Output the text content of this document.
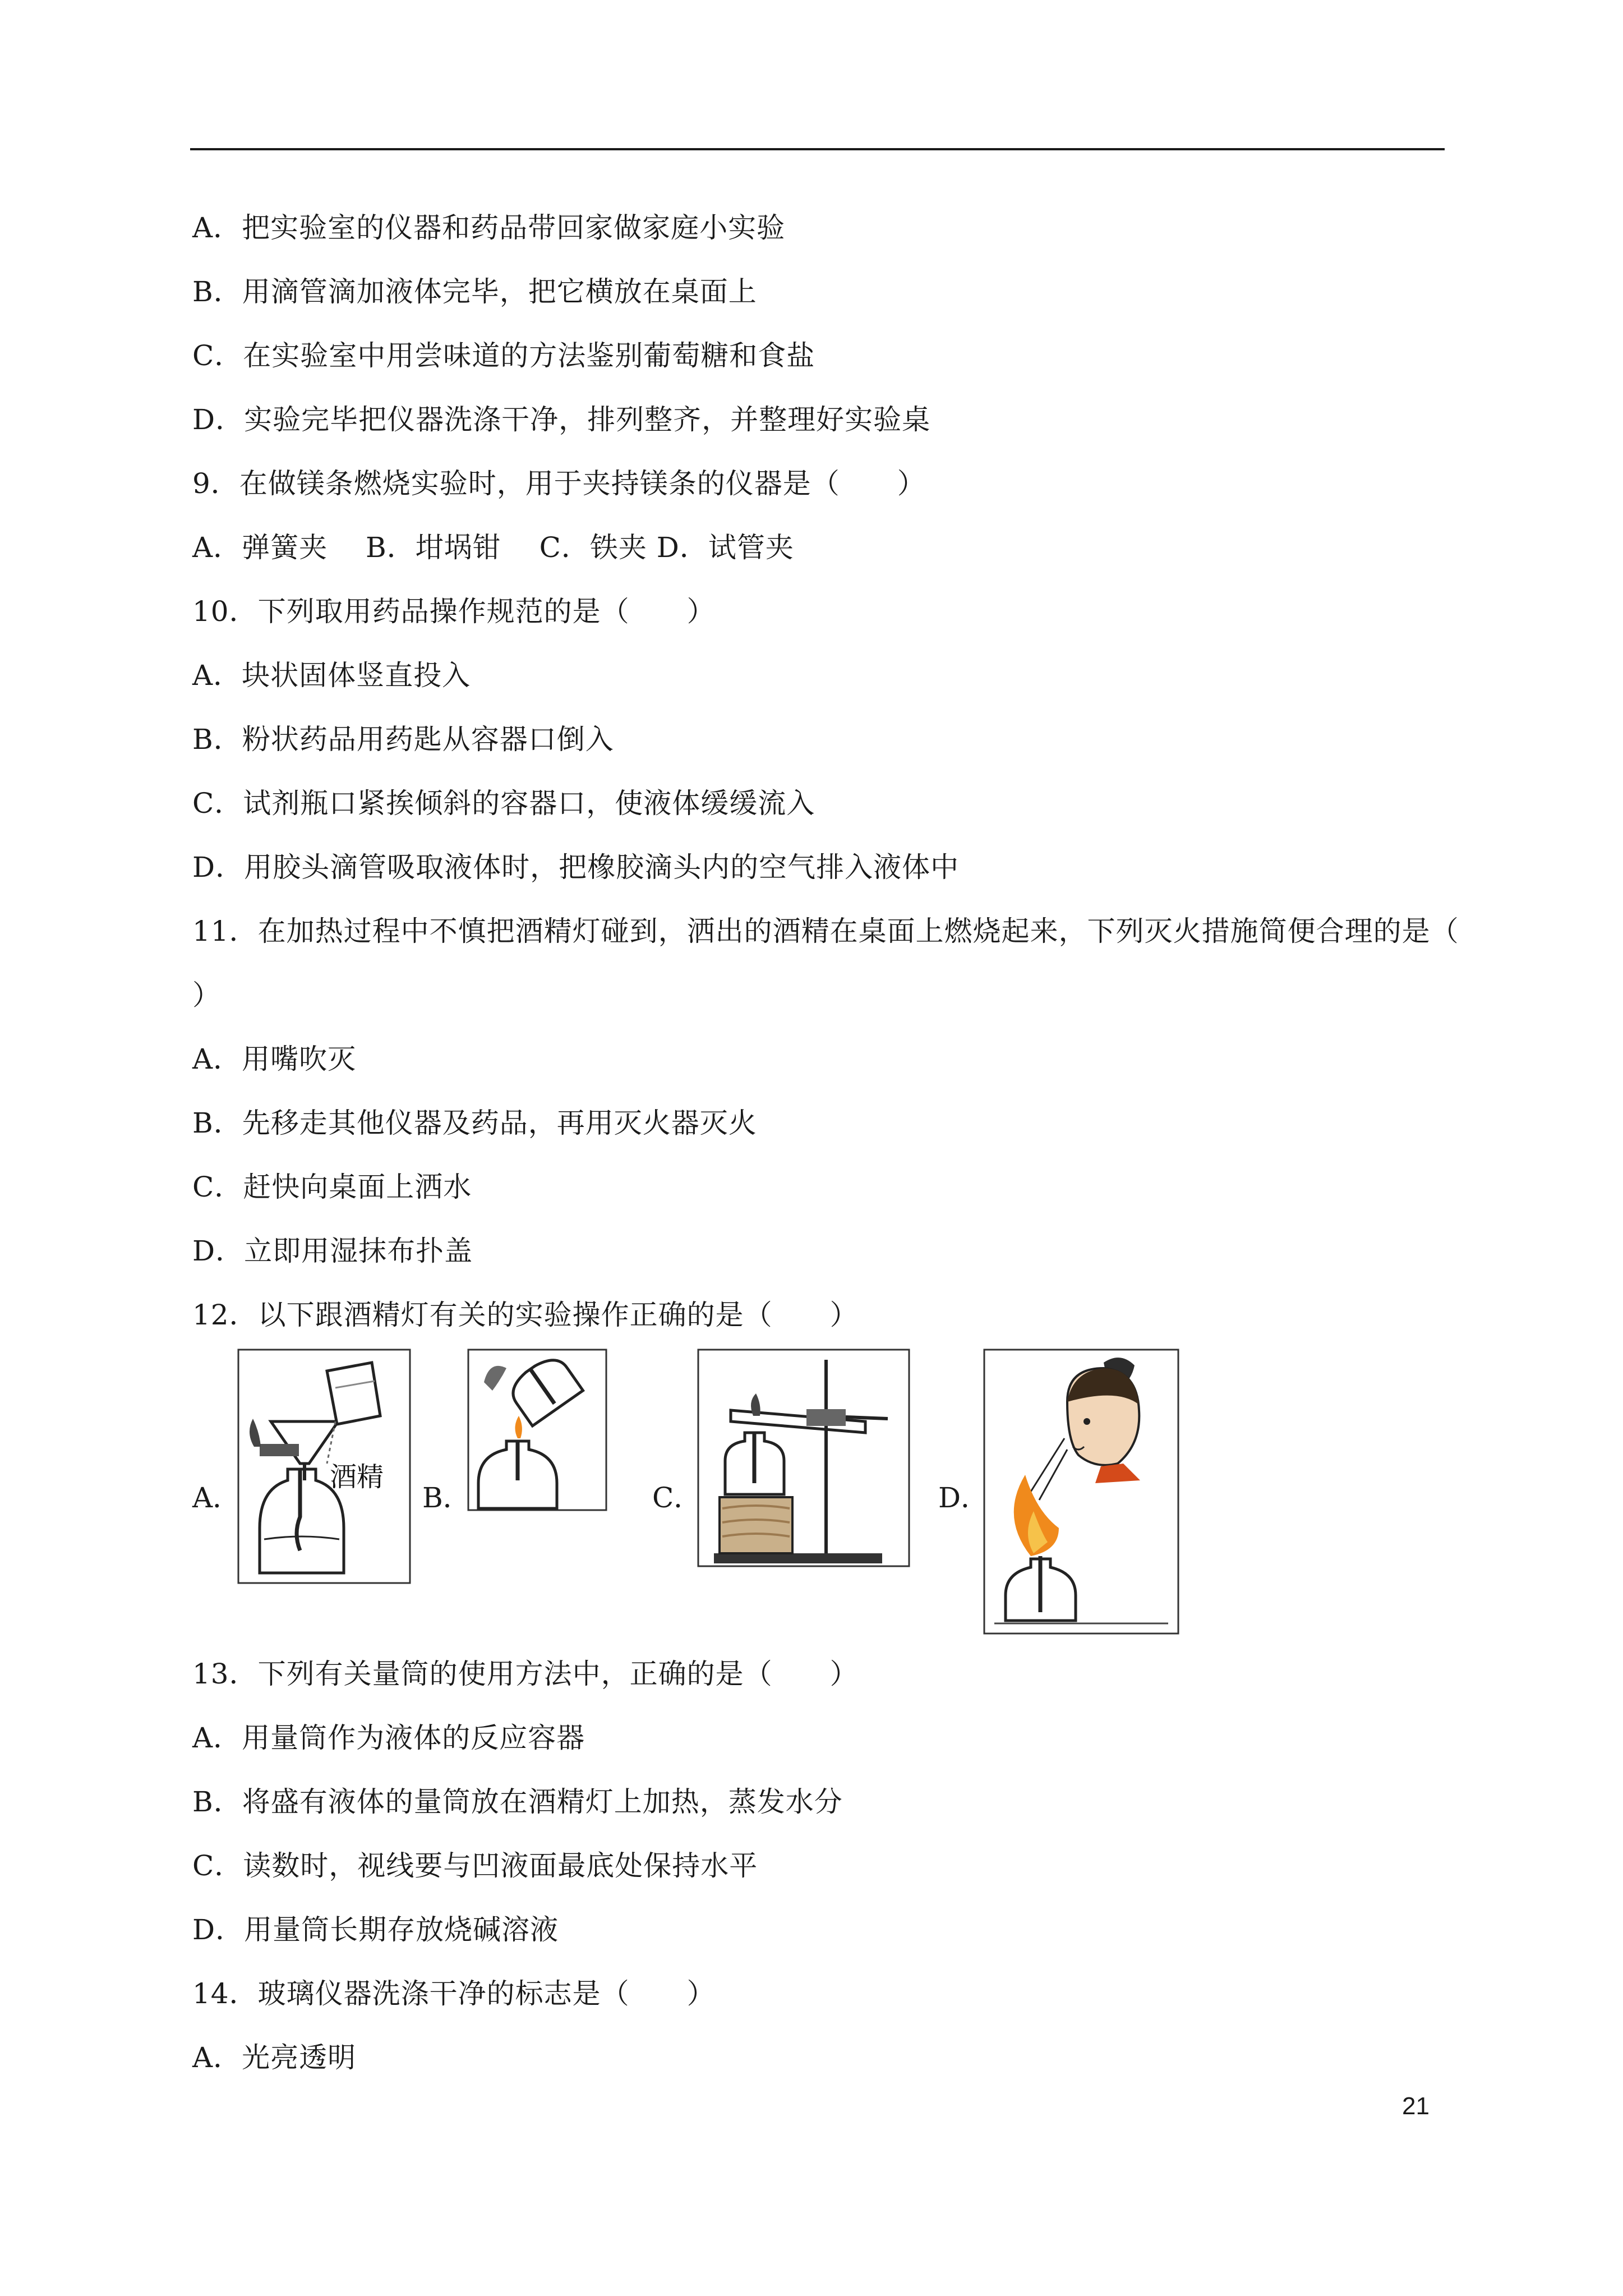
A．把实验室的仪器和药品带回家做家庭小实验
B．用滴管滴加液体完毕，把它横放在桌面上
C．在实验室中用尝味道的方法鉴别葡萄糖和食盐
D．实验完毕把仪器洗涤干净，排列整齐，并整理好实验桌
9．在做镁条燃烧实验时，用于夹持镁条的仪器是（　　）
A．弹簧夹　 B．坩埚钳　 C．铁夹 D．试管夹
10．下列取用药品操作规范的是（　　）
A．块状固体竖直投入
B．粉状药品用药匙从容器口倒入
C．试剂瓶口紧挨倾斜的容器口，使液体缓缓流入
D．用胶头滴管吸取液体时，把橡胶滴头内的空气排入液体中
11．在加热过程中不慎把酒精灯碰到，洒出的酒精在桌面上燃烧起来，下列灭火措施简便合理的是（
）
A．用嘴吹灭
B．先移走其他仪器及药品，再用灭火器灭火
C．赶快向桌面上洒水
D．立即用湿抹布扑盖
12．以下跟酒精灯有关的实验操作正确的是（　　）
A．
酒精
B．	C．	D．
13．下列有关量筒的使用方法中，正确的是（　　）
A．用量筒作为液体的反应容器
B．将盛有液体的量筒放在酒精灯上加热，蒸发水分
C．读数时，视线要与凹液面最底处保持水平
D．用量筒长期存放烧碱溶液
14．玻璃仪器洗涤干净的标志是（　　）
A．光亮透明
21
